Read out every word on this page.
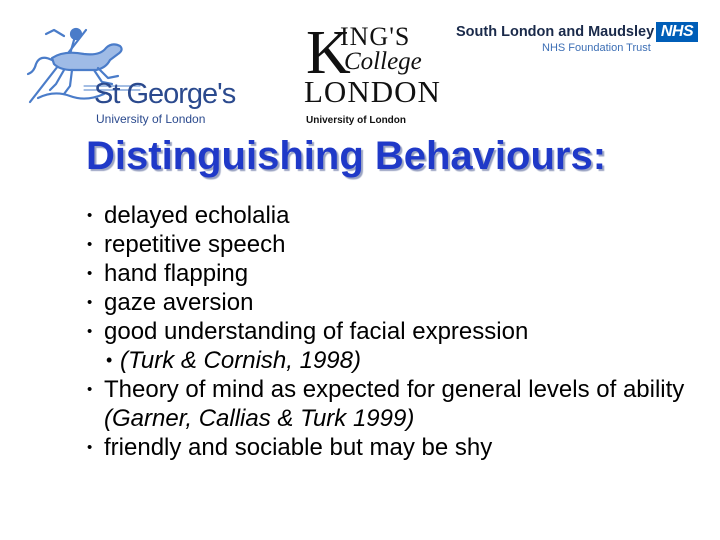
St George's
University of London
K
ING'S
College
LONDON
University of London
South London and Maudsley NHS
NHS Foundation Trust
Distinguishing Behaviours:
• delayed echolalia
• repetitive speech
• hand flapping
• gaze aversion
• good understanding of facial expression
• (Turk & Cornish, 1998)
• Theory of mind as expected for general levels of ability (Garner, Callias & Turk 1999)
• friendly and sociable but may be shy
